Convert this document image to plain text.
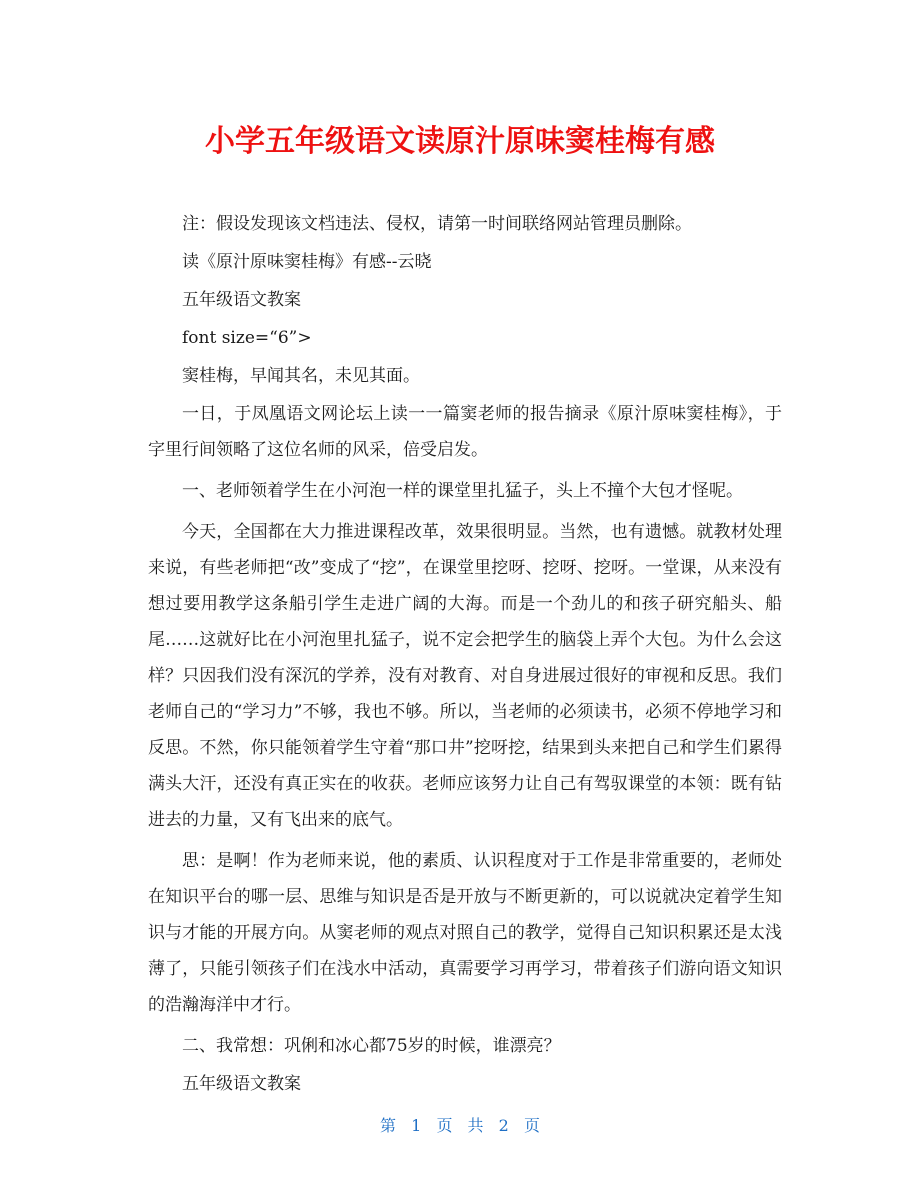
小学五年级语文读原汁原味窦桂梅有感

注：假设发现该文档违法、侵权，请第一时间联络网站管理员删除。

读《原汁原味窦桂梅》有感--云晓

五年级语文教案

font size=“6”>

窦桂梅，早闻其名，未见其面。

一日，于凤凰语文网论坛上读一一篇窦老师的报告摘录《原汁原味窦桂梅》，于字里行间领略了这位名师的风采，倍受启发。

一、老师领着学生在小河泡一样的课堂里扎猛子，头上不撞个大包才怪呢。

今天，全国都在大力推进课程改革，效果很明显。当然，也有遗憾。就教材处理来说，有些老师把“改”变成了“挖”，在课堂里挖呀、挖呀、挖呀。一堂课，从来没有想过要用教学这条船引学生走进广阔的大海。而是一个劲儿的和孩子研究船头、船尾……这就好比在小河泡里扎猛子，说不定会把学生的脑袋上弄个大包。为什么会这样？只因我们没有深沉的学养，没有对教育、对自身进展过很好的审视和反思。我们老师自己的“学习力”不够，我也不够。所以，当老师的必须读书，必须不停地学习和反思。不然，你只能领着学生守着“那口井”挖呀挖，结果到头来把自己和学生们累得满头大汗，还没有真正实在的收获。老师应该努力让自己有驾驭课堂的本领：既有钻进去的力量，又有飞出来的底气。

思：是啊！作为老师来说，他的素质、认识程度对于工作是非常重要的，老师处在知识平台的哪一层、思维与知识是否是开放与不断更新的，可以说就决定着学生知识与才能的开展方向。从窦老师的观点对照自己的教学，觉得自己知识积累还是太浅薄了，只能引领孩子们在浅水中活动，真需要学习再学习，带着孩子们游向语文知识的浩瀚海洋中才行。

二、我常想：巩俐和冰心都75岁的时候，谁漂亮？

五年级语文教案

第 1 页 共 2 页
